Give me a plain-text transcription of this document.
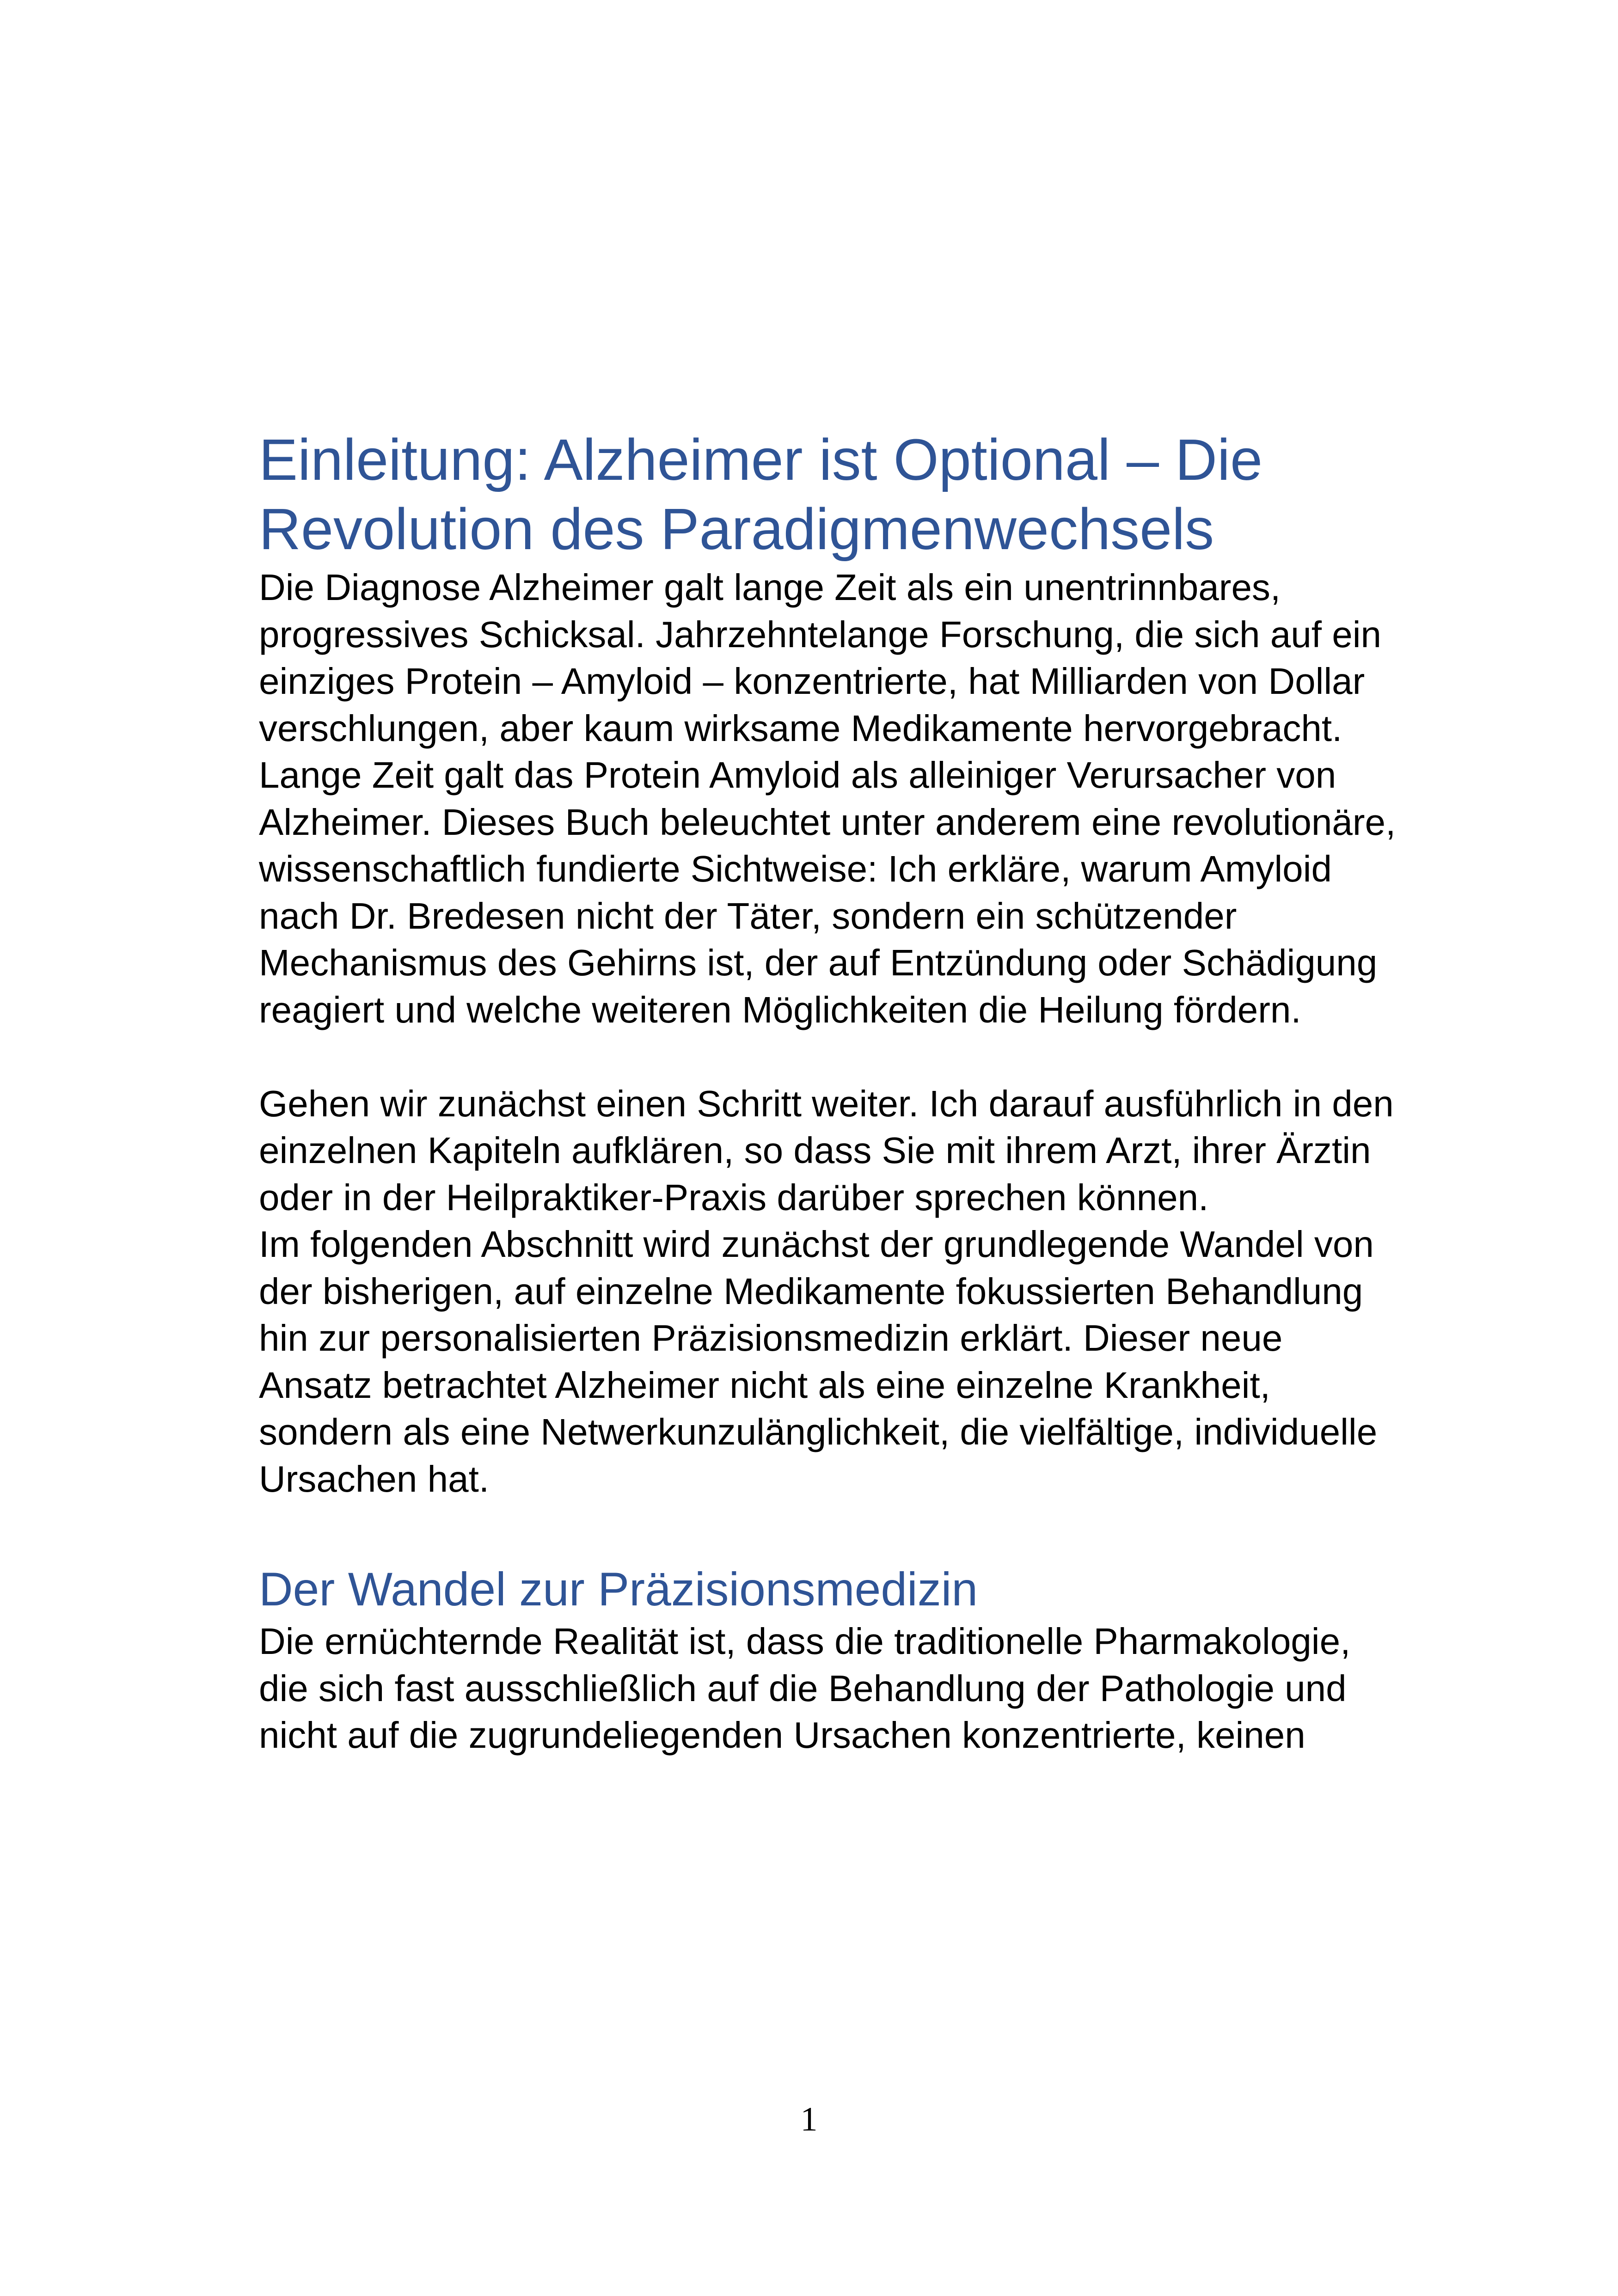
Einleitung: Alzheimer ist Optional – Die Revolution des Paradigmenwechsels

Die Diagnose Alzheimer galt lange Zeit als ein unentrinnbares, progressives Schicksal. Jahrzehntelange Forschung, die sich auf ein einziges Protein – Amyloid – konzentrierte, hat Milliarden von Dollar verschlungen, aber kaum wirksame Medikamente hervorgebracht.

Lange Zeit galt das Protein Amyloid als alleiniger Verursacher von Alzheimer. Dieses Buch beleuchtet unter anderem eine revolutionäre, wissenschaftlich fundierte Sichtweise: Ich erkläre, warum Amyloid nach Dr. Bredesen nicht der Täter, sondern ein schützender Mechanismus des Gehirns ist, der auf Entzündung oder Schädigung reagiert und welche weiteren Möglichkeiten die Heilung fördern.

Gehen wir zunächst einen Schritt weiter. Ich darauf ausführlich in den einzelnen Kapiteln aufklären, so dass Sie mit ihrem Arzt, ihrer Ärztin oder in der Heilpraktiker-Praxis darüber sprechen können.

Im folgenden Abschnitt wird zunächst der grundlegende Wandel von der bisherigen, auf einzelne Medikamente fokussierten Behandlung hin zur personalisierten Präzisionsmedizin erklärt. Dieser neue Ansatz betrachtet Alzheimer nicht als eine einzelne Krankheit, sondern als eine Netwerkunzulänglichkeit, die vielfältige, individuelle Ursachen hat.

Der Wandel zur Präzisionsmedizin

Die ernüchternde Realität ist, dass die traditionelle Pharmakologie, die sich fast ausschließlich auf die Behandlung der Pathologie und nicht auf die zugrundeliegenden Ursachen konzentrierte, keinen

1
